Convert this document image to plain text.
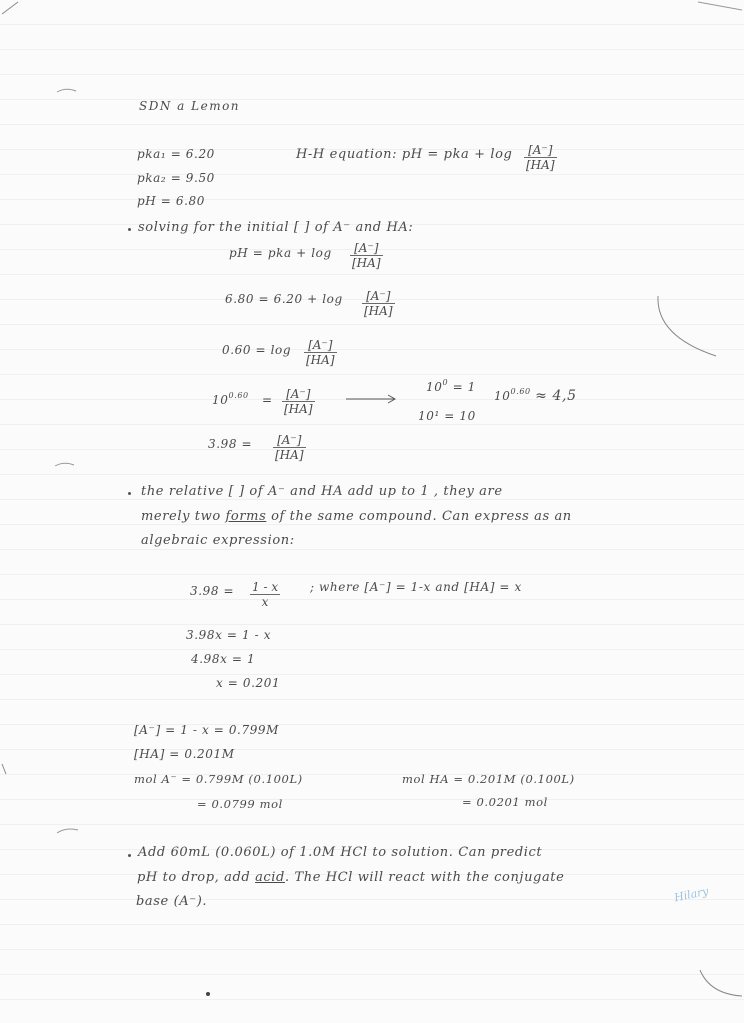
SDN a Lemon
pka₁ = 6.20
pka₂ = 9.50
pH = 6.80
H-H equation: pH = pka + $\log \frac{[A^-]}{[HA]}$
solving for the initial [ ] of A⁻ and HA:
pH = pka + $\log \frac{[A^-]}{[HA]}$
$6.80 = 6.20 + \log \frac{[A^-]}{[HA]}$
$0.60 = \log \frac{[A^-]}{[HA]}$
$10^{0.60} = \frac{[A^-]}{[HA]}$	$10^0 = 1$
10¹ = 10
$10^{0.60} \approx 4,5$
$3.98 = \frac{[A^-]}{[HA]}$
the relative [ ] of A⁻ and HA add up to 1 , they are
merely two forms of the same compound. Can express as an
algebraic expression:
$3.98 = \frac{1 - x}{x}$ ; where [A⁻] = 1-x and [HA] = x
3.98x = 1 - x
4.98x = 1
x = 0.201
[A⁻] = 1 - x = 0.799M
[HA] = 0.201M
mol A⁻ = 0.799M (0.100L)
= 0.0799 mol
mol HA = 0.201M (0.100L)
= 0.0201 mol
Add 60mL (0.060L) of 1.0M HCl to solution. Can predict
pH to drop, add acid. The HCl will react with the conjugate
base (A⁻).	Hilary
